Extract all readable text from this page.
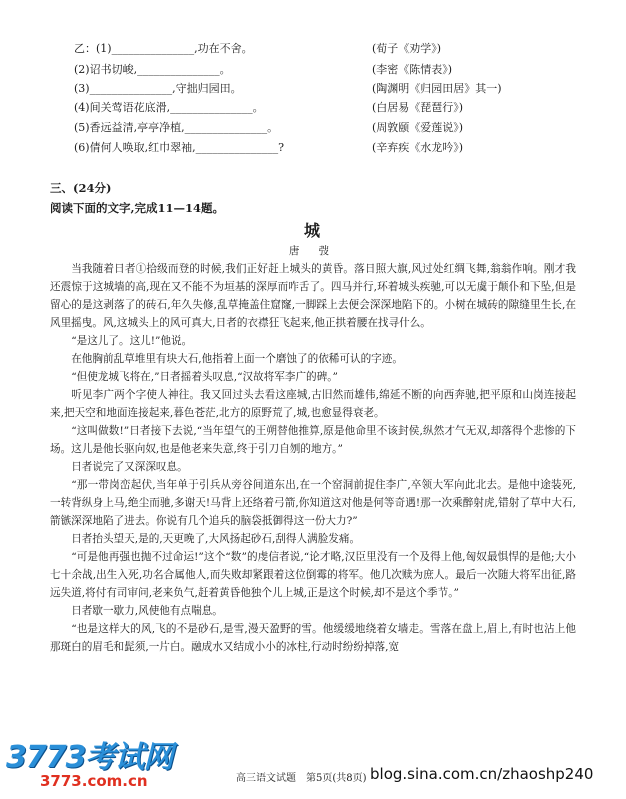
乙：(1)_______________,功在不舍。	(荀子《劝学》)
(2)诏书切峻,_______________。	(李密《陈情表》)
(3)_______________,守拙归园田。	(陶渊明《归园田居》其一)
(4)间关莺语花底滑,_______________。	(白居易《琵琶行》)
(5)香远益清,亭亭净植,_______________。	(周敦颐《爱莲说》)
(6)倩何人唤取,红巾翠袖,_______________?	(辛弃疾《水龙吟》)
三、(24分)
阅读下面的文字,完成11—14题。
城
唐 弢

当我随着日者①拾级而登的时候,我们正好赶上城头的黄昏。落日照大旗,风过处红绸飞舞,翁翁作响。刚才我还震惊于这城墙的高,现在又不能不为垣基的深厚而咋舌了。四马并行,环着城头疾驰,可以无虞于颠仆和下坠,但是留心的是这剥落了的砖石,年久失修,乱草掩盖住窟窿,一脚踩上去便会深深地陷下的。小树在城砖的隙缝里生长,在风里摇曳。风,这城头上的风可真大,日者的衣襟狂飞起来,他正拱着腰在找寻什么。

“是这儿了。这儿!”他说。

在他胸前乱草堆里有块大石,他指着上面一个磨蚀了的依稀可认的字迹。

“但使龙城飞将在,”日者摇着头叹息,“汉故将军李广的碑。”

听见李广两个字使人神往。我又回过头去看这座城,古旧然而雄伟,绵延不断的向西奔驰,把平原和山岗连接起来,把天空和地面连接起来,暮色苍茫,北方的原野荒了,城,也愈显得衰老。

“这叫做数!”日者接下去说,“当年望气的王朔替他推算,原是他命里不该封侯,纵然才气无双,却落得个悲惨的下场。这儿是他长驱向奴,也是他老来失意,终于引刀自刎的地方。”

日者说完了又深深叹息。

“那一带岗峦起伏,当年单于引兵从旁谷间道东出,在一个窑洞前捉住李广,卒领大军向此北去。是他中途装死,一转背纵身上马,绝尘而驰,多谢天!马背上还络着弓箭,你知道这对他是何等奇遇!那一次乘醉射虎,错射了草中大石,箭镞深深地陷了进去。你说有几个追兵的脑袋抵御得这一份大力?”

日者抬头望天,是的,天更晚了,大风扬起砂石,刮得人满脸发痛。

“可是他再强也抛不过命运!”这个“数”的虔信者说,“论才略,汉臣里没有一个及得上他,匈奴最惧悍的是他;大小七十余战,出生入死,功名合属他人,而失败却紧跟着这位倒霉的将军。他几次赎为庶人。最后一次随大将军出征,路远失道,将付有司审问,老来负气,赶着黄昏他独个儿上城,正是这个时候,却不是这个季节。”

日者歇一歇力,风使他有点喘息。

“也是这样大的风,飞的不是砂石,是雪,漫天盈野的雪。他缓缓地绕着女墙走。雪落在盘上,眉上,有时也沾上他那斑白的眉毛和髭须,一片白。融成水又结成小小的冰柱,行动时纷纷掉落,宽

3773考试网
3773.com.cn	高三语文试题　第5页(共8页) blog.sina.com.cn/zhaoshp240
